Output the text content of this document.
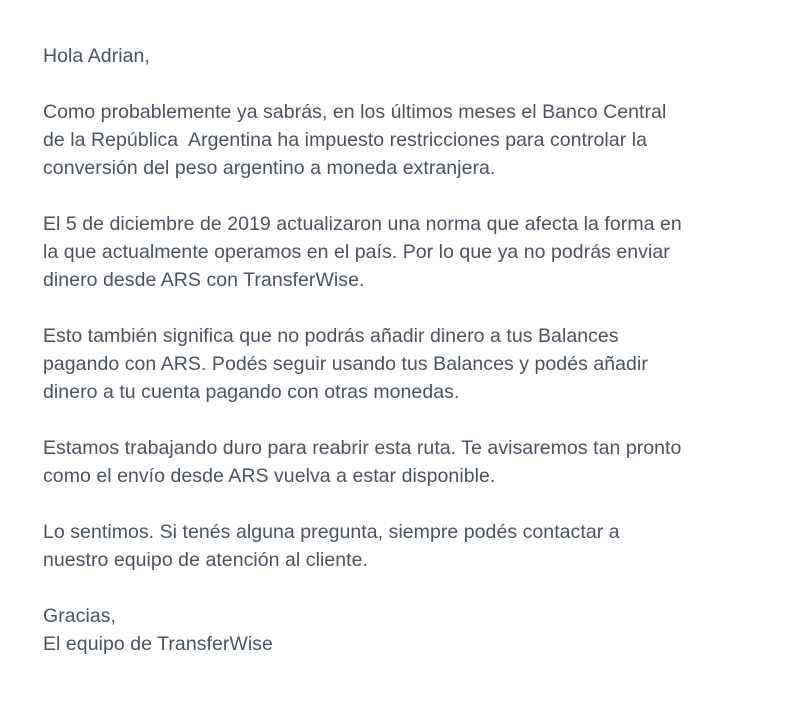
Hola Adrian,

Como probablemente ya sabrás, en los últimos meses el Banco Central
de la República  Argentina ha impuesto restricciones para controlar la
conversión del peso argentino a moneda extranjera.

El 5 de diciembre de 2019 actualizaron una norma que afecta la forma en
la que actualmente operamos en el país. Por lo que ya no podrás enviar
dinero desde ARS con TransferWise.

Esto también significa que no podrás añadir dinero a tus Balances
pagando con ARS. Podés seguir usando tus Balances y podés añadir
dinero a tu cuenta pagando con otras monedas.

Estamos trabajando duro para reabrir esta ruta. Te avisaremos tan pronto
como el envío desde ARS vuelva a estar disponible.

Lo sentimos. Si tenés alguna pregunta, siempre podés contactar a
nuestro equipo de atención al cliente.

Gracias,
El equipo de TransferWise
